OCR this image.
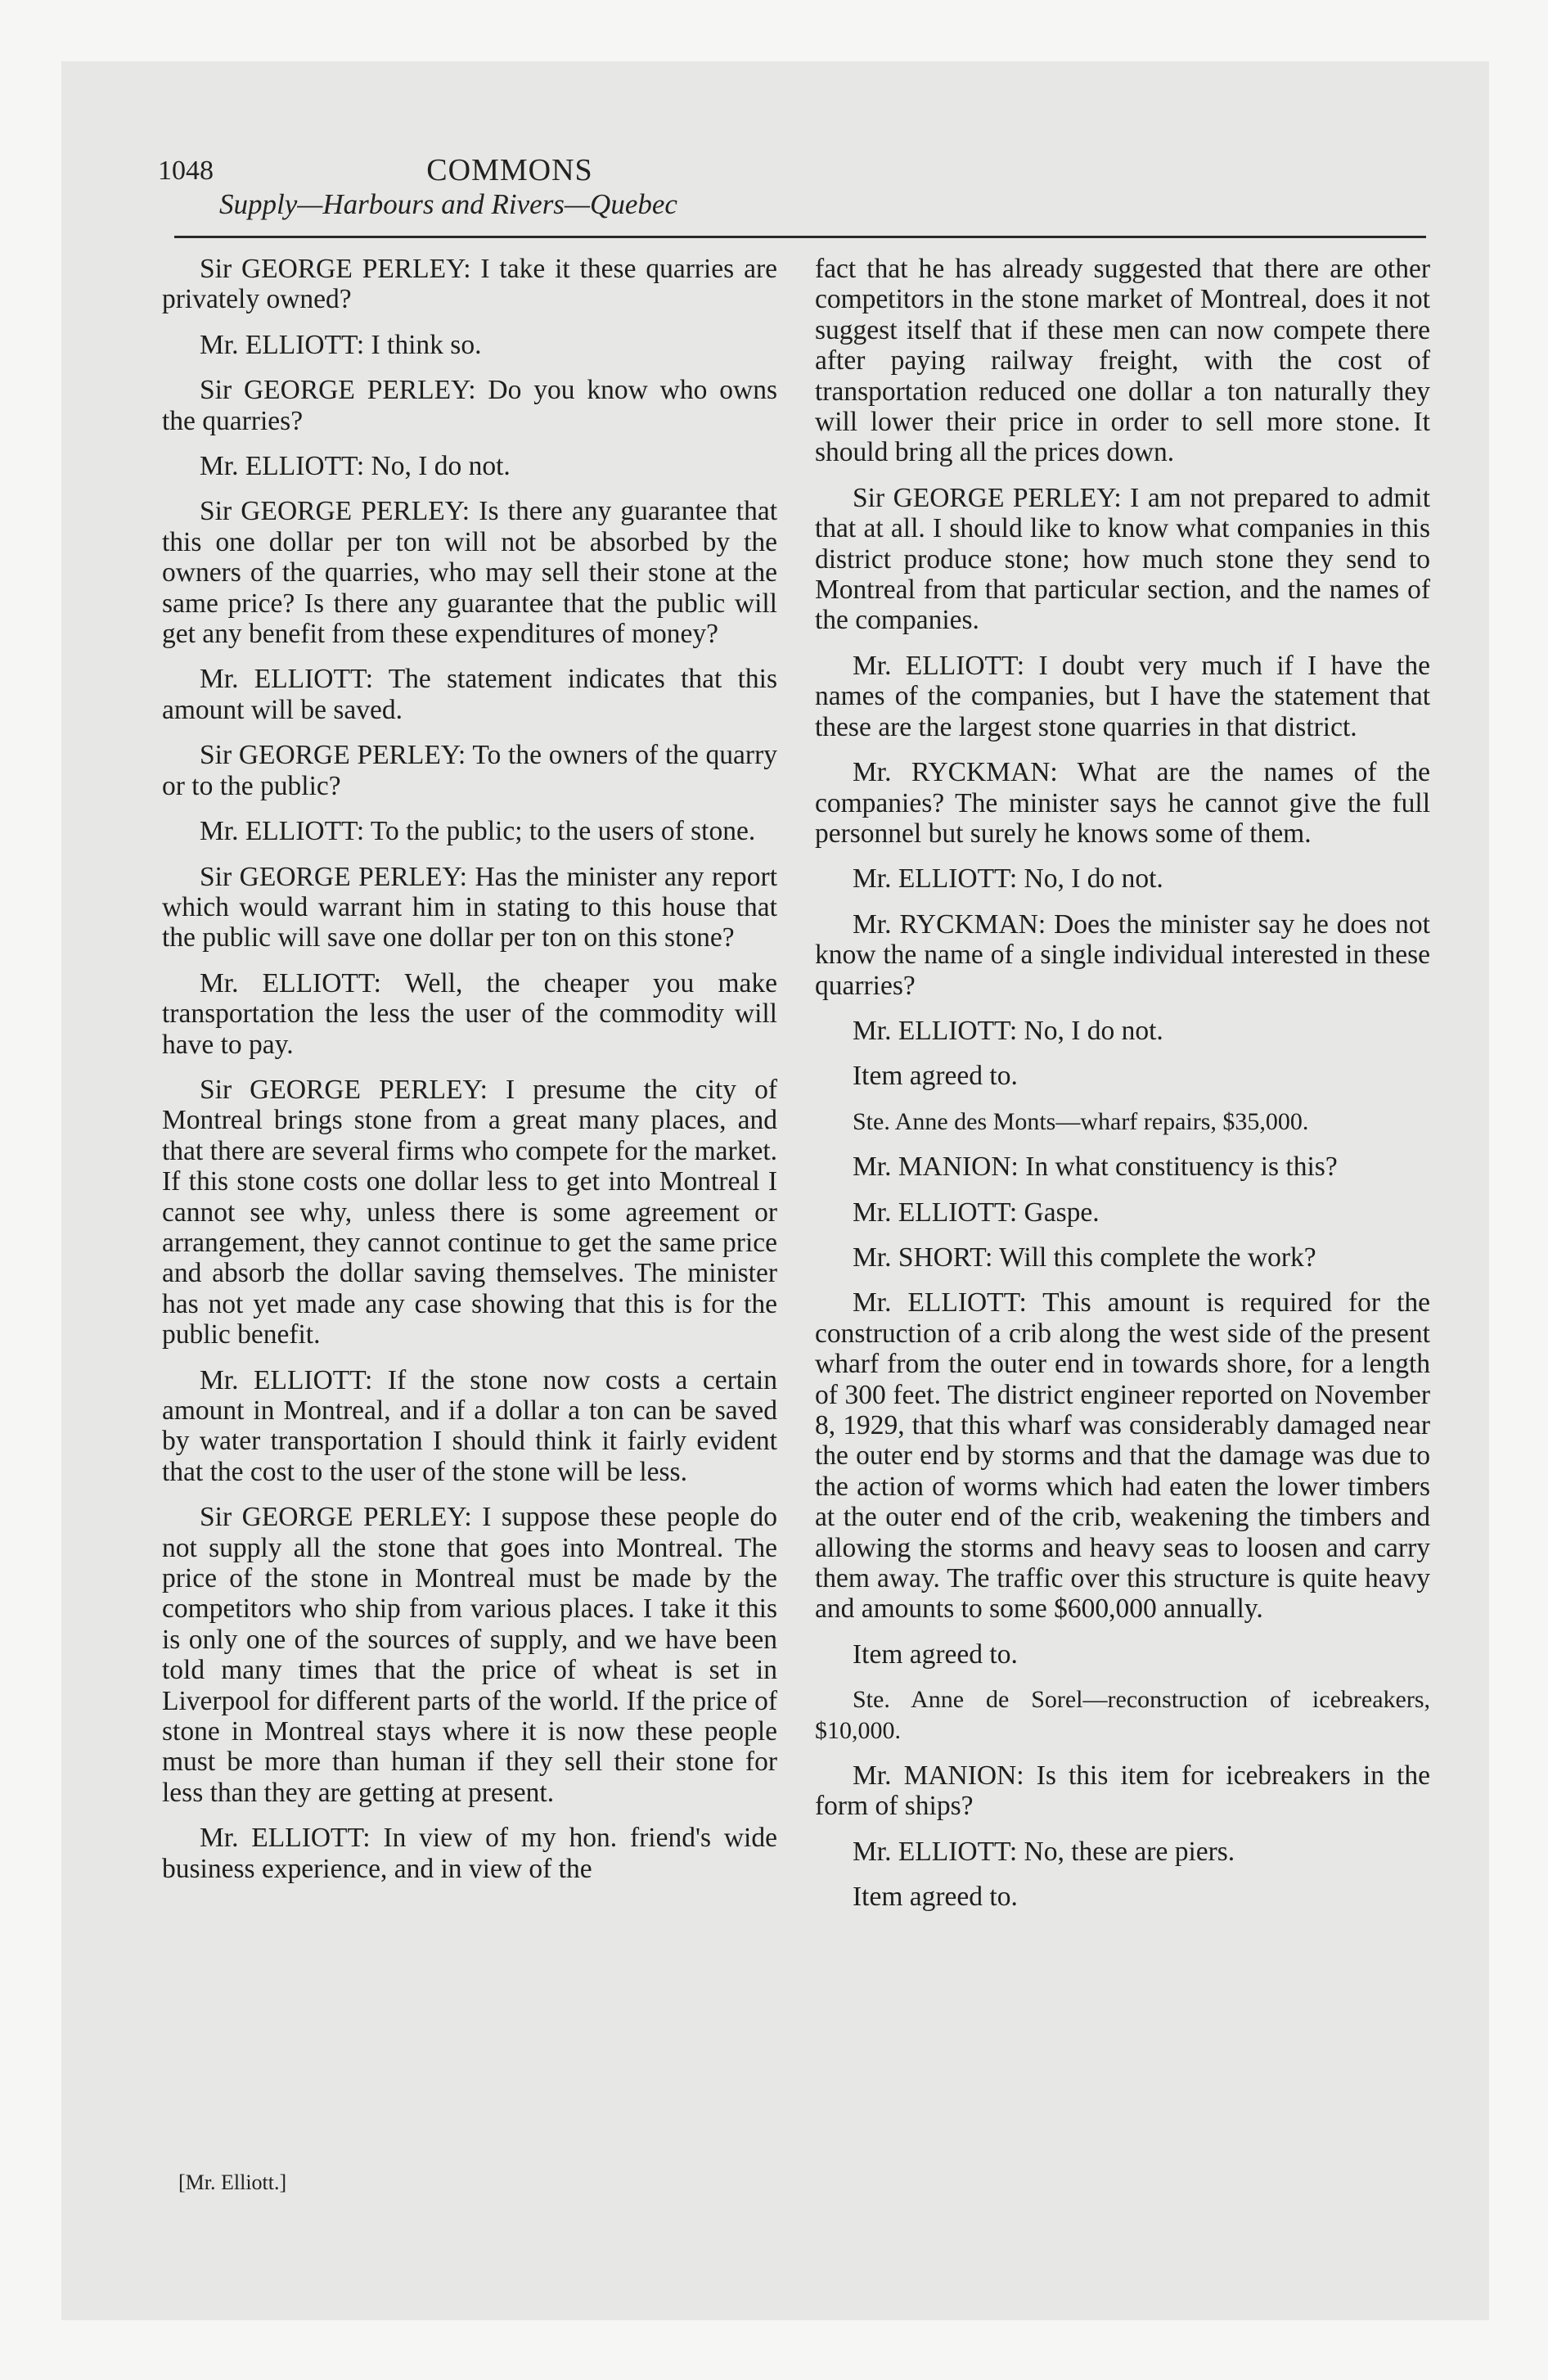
1048	COMMONS
Supply—Harbours and Rivers—Quebec

Sir GEORGE PERLEY: I take it these quarries are privately owned?

Mr. ELLIOTT: I think so.

Sir GEORGE PERLEY: Do you know who owns the quarries?

Mr. ELLIOTT: No, I do not.

Sir GEORGE PERLEY: Is there any guarantee that this one dollar per ton will not be absorbed by the owners of the quarries, who may sell their stone at the same price? Is there any guarantee that the public will get any benefit from these expenditures of money?

Mr. ELLIOTT: The statement indicates that this amount will be saved.

Sir GEORGE PERLEY: To the owners of the quarry or to the public?

Mr. ELLIOTT: To the public; to the users of stone.

Sir GEORGE PERLEY: Has the minister any report which would warrant him in stating to this house that the public will save one dollar per ton on this stone?

Mr. ELLIOTT: Well, the cheaper you make transportation the less the user of the commodity will have to pay.

Sir GEORGE PERLEY: I presume the city of Montreal brings stone from a great many places, and that there are several firms who compete for the market. If this stone costs one dollar less to get into Montreal I cannot see why, unless there is some agreement or arrangement, they cannot continue to get the same price and absorb the dollar saving themselves. The minister has not yet made any case showing that this is for the public benefit.

Mr. ELLIOTT: If the stone now costs a certain amount in Montreal, and if a dollar a ton can be saved by water transportation I should think it fairly evident that the cost to the user of the stone will be less.

Sir GEORGE PERLEY: I suppose these people do not supply all the stone that goes into Montreal. The price of the stone in Montreal must be made by the competitors who ship from various places. I take it this is only one of the sources of supply, and we have been told many times that the price of wheat is set in Liverpool for different parts of the world. If the price of stone in Montreal stays where it is now these people must be more than human if they sell their stone for less than they are getting at present.

Mr. ELLIOTT: In view of my hon. friend's wide business experience, and in view of the

fact that he has already suggested that there are other competitors in the stone market of Montreal, does it not suggest itself that if these men can now compete there after paying railway freight, with the cost of transportation reduced one dollar a ton naturally they will lower their price in order to sell more stone. It should bring all the prices down.

Sir GEORGE PERLEY: I am not prepared to admit that at all. I should like to know what companies in this district produce stone; how much stone they send to Montreal from that particular section, and the names of the companies.

Mr. ELLIOTT: I doubt very much if I have the names of the companies, but I have the statement that these are the largest stone quarries in that district.

Mr. RYCKMAN: What are the names of the companies? The minister says he cannot give the full personnel but surely he knows some of them.

Mr. ELLIOTT: No, I do not.

Mr. RYCKMAN: Does the minister say he does not know the name of a single individual interested in these quarries?

Mr. ELLIOTT: No, I do not.

Item agreed to.

Ste. Anne des Monts—wharf repairs, $35,000.

Mr. MANION: In what constituency is this?

Mr. ELLIOTT: Gaspe.

Mr. SHORT: Will this complete the work?

Mr. ELLIOTT: This amount is required for the construction of a crib along the west side of the present wharf from the outer end in towards shore, for a length of 300 feet. The district engineer reported on November 8, 1929, that this wharf was considerably damaged near the outer end by storms and that the damage was due to the action of worms which had eaten the lower timbers at the outer end of the crib, weakening the timbers and allowing the storms and heavy seas to loosen and carry them away. The traffic over this structure is quite heavy and amounts to some $600,000 annually.

Item agreed to.

Ste. Anne de Sorel—reconstruction of icebreakers, $10,000.

Mr. MANION: Is this item for icebreakers in the form of ships?

Mr. ELLIOTT: No, these are piers.

Item agreed to.

[Mr. Elliott.]
